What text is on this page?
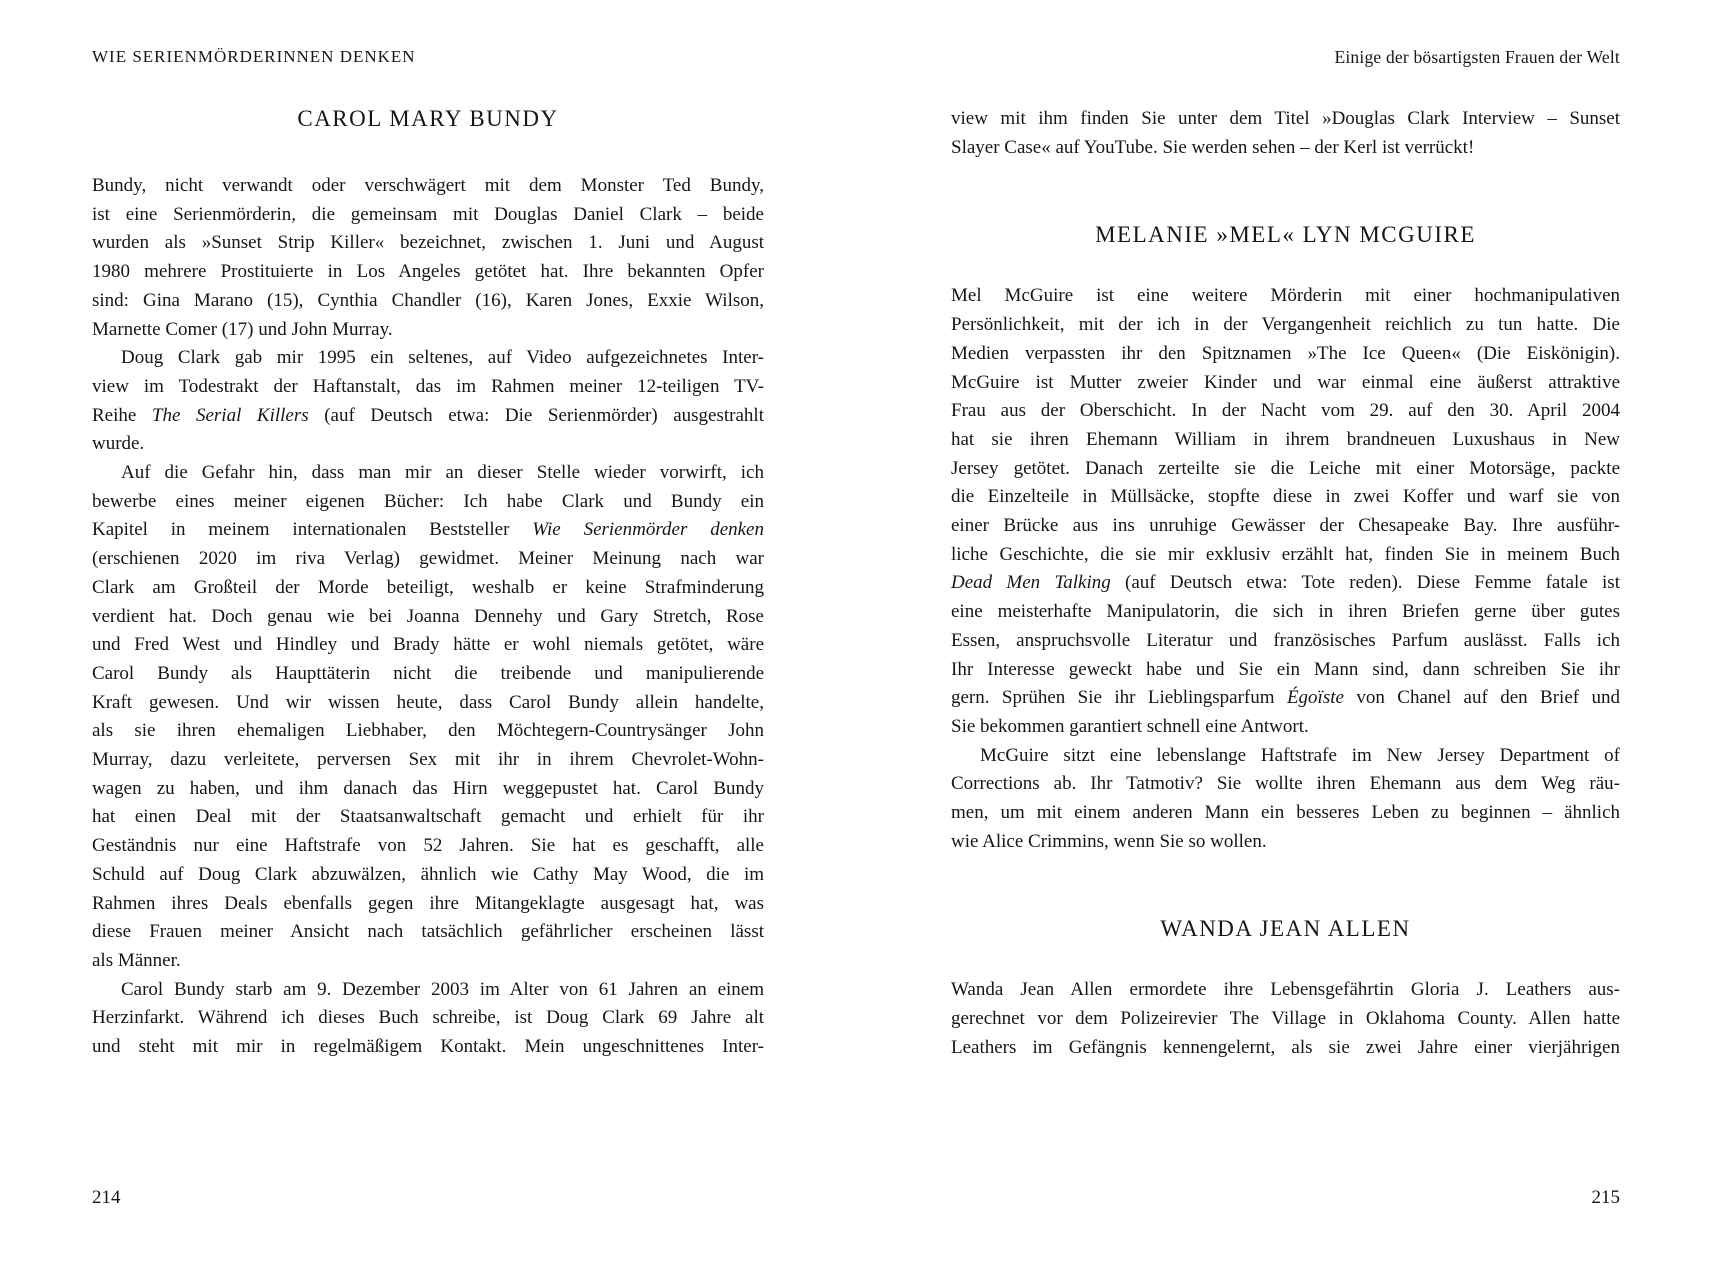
WIE SERIENMÖRDERINNEN DENKEN
CAROL MARY BUNDY
Bundy, nicht verwandt oder verschwägert mit dem Monster Ted Bundy,
ist eine Serienmörderin, die gemeinsam mit Douglas Daniel Clark – beide
wurden als »Sunset Strip Killer« bezeichnet, zwischen 1. Juni und August
1980 mehrere Prostituierte in Los Angeles getötet hat. Ihre bekannten Opfer
sind: Gina Marano (15), Cynthia Chandler (16), Karen Jones, Exxie Wilson,
Marnette Comer (17) und John Murray.
Doug Clark gab mir 1995 ein seltenes, auf Video aufgezeichnetes Inter-
view im Todestrakt der Haftanstalt, das im Rahmen meiner 12-teiligen TV-
Reihe The Serial Killers (auf Deutsch etwa: Die Serienmörder) ausgestrahlt
wurde.
Auf die Gefahr hin, dass man mir an dieser Stelle wieder vorwirft, ich
bewerbe eines meiner eigenen Bücher: Ich habe Clark und Bundy ein
Kapitel in meinem internationalen Beststeller Wie Serienmörder denken
(erschienen 2020 im riva Verlag) gewidmet. Meiner Meinung nach war
Clark am Großteil der Morde beteiligt, weshalb er keine Strafminderung
verdient hat. Doch genau wie bei Joanna Dennehy und Gary Stretch, Rose
und Fred West und Hindley und Brady hätte er wohl niemals getötet, wäre
Carol Bundy als Haupttäterin nicht die treibende und manipulierende
Kraft gewesen. Und wir wissen heute, dass Carol Bundy allein handelte,
als sie ihren ehemaligen Liebhaber, den Möchtegern-Countrysänger John
Murray, dazu verleitete, perversen Sex mit ihr in ihrem Chevrolet-Wohn-
wagen zu haben, und ihm danach das Hirn weggepustet hat. Carol Bundy
hat einen Deal mit der Staatsanwaltschaft gemacht und erhielt für ihr
Geständnis nur eine Haftstrafe von 52 Jahren. Sie hat es geschafft, alle
Schuld auf Doug Clark abzuwälzen, ähnlich wie Cathy May Wood, die im
Rahmen ihres Deals ebenfalls gegen ihre Mitangeklagte ausgesagt hat, was
diese Frauen meiner Ansicht nach tatsächlich gefährlicher erscheinen lässt
als Männer.
Carol Bundy starb am 9. Dezember 2003 im Alter von 61 Jahren an einem
Herzinfarkt. Während ich dieses Buch schreibe, ist Doug Clark 69 Jahre alt
und steht mit mir in regelmäßigem Kontakt. Mein ungeschnittenes Inter-
214
Einige der bösartigsten Frauen der Welt
view mit ihm finden Sie unter dem Titel »Douglas Clark Interview – Sunset
Slayer Case« auf YouTube. Sie werden sehen – der Kerl ist verrückt!
MELANIE »MEL« LYN MCGUIRE
Mel McGuire ist eine weitere Mörderin mit einer hochmanipulativen
Persönlichkeit, mit der ich in der Vergangenheit reichlich zu tun hatte. Die
Medien verpassten ihr den Spitznamen »The Ice Queen« (Die Eiskönigin).
McGuire ist Mutter zweier Kinder und war einmal eine äußerst attraktive
Frau aus der Oberschicht. In der Nacht vom 29. auf den 30. April 2004
hat sie ihren Ehemann William in ihrem brandneuen Luxushaus in New
Jersey getötet. Danach zerteilte sie die Leiche mit einer Motorsäge, packte
die Einzelteile in Müllsäcke, stopfte diese in zwei Koffer und warf sie von
einer Brücke aus ins unruhige Gewässer der Chesapeake Bay. Ihre ausführ-
liche Geschichte, die sie mir exklusiv erzählt hat, finden Sie in meinem Buch
Dead Men Talking (auf Deutsch etwa: Tote reden). Diese Femme fatale ist
eine meisterhafte Manipulatorin, die sich in ihren Briefen gerne über gutes
Essen, anspruchsvolle Literatur und französisches Parfum auslässt. Falls ich
Ihr Interesse geweckt habe und Sie ein Mann sind, dann schreiben Sie ihr
gern. Sprühen Sie ihr Lieblingsparfum Égoïste von Chanel auf den Brief und
Sie bekommen garantiert schnell eine Antwort.
McGuire sitzt eine lebenslange Haftstrafe im New Jersey Department of
Corrections ab. Ihr Tatmotiv? Sie wollte ihren Ehemann aus dem Weg räu-
men, um mit einem anderen Mann ein besseres Leben zu beginnen – ähnlich
wie Alice Crimmins, wenn Sie so wollen.
WANDA JEAN ALLEN
Wanda Jean Allen ermordete ihre Lebensgefährtin Gloria J. Leathers aus-
gerechnet vor dem Polizeirevier The Village in Oklahoma County. Allen hatte
Leathers im Gefängnis kennengelernt, als sie zwei Jahre einer vierjährigen
215
